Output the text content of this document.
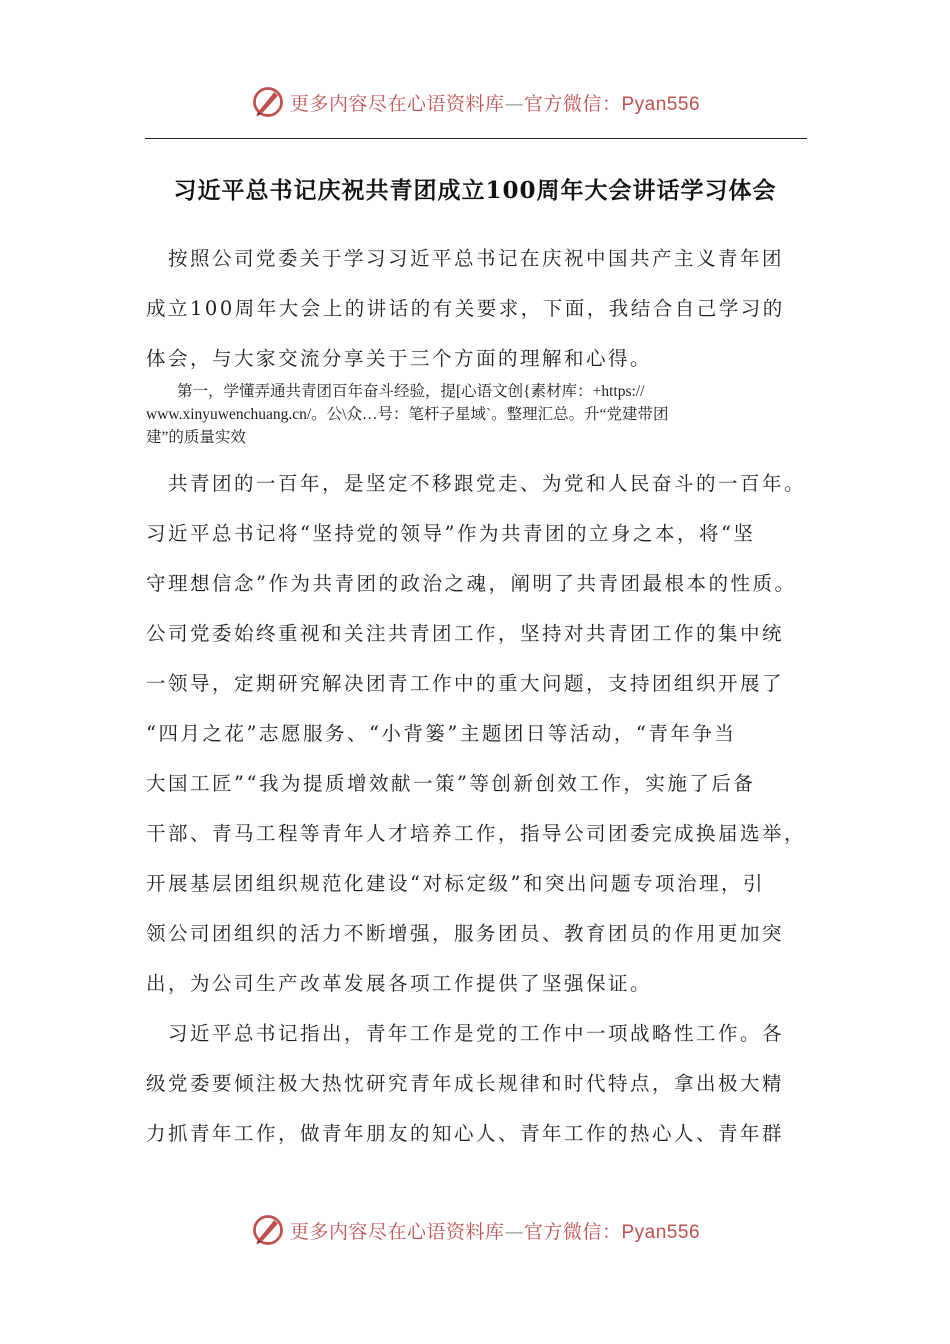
更多内容尽在心语资料库—官方微信：Pyan556
习近平总书记庆祝共青团成立100周年大会讲话学习体会
　按照公司党委关于学习习近平总书记在庆祝中国共产主义青年团
成立100周年大会上的讲话的有关要求，下面，我结合自己学习的
体会，与大家交流分享关于三个方面的理解和心得。
　　第一，学懂弄通共青团百年奋斗经验，提[心语文创{素材库：+https://
www.xinyuwenchuang.cn/。公\众…号：笔杆子星域`。整理汇总。升“党建带团
建”的质量实效
　共青团的一百年，是坚定不移跟党走、为党和人民奋斗的一百年。
习近平总书记将“坚持党的领导”作为共青团的立身之本，将“坚
守理想信念”作为共青团的政治之魂，阐明了共青团最根本的性质。
公司党委始终重视和关注共青团工作，坚持对共青团工作的集中统
一领导，定期研究解决团青工作中的重大问题，支持团组织开展了
“四月之花”志愿服务、“小背篓”主题团日等活动，“青年争当
大国工匠”“我为提质增效献一策”等创新创效工作，实施了后备
干部、青马工程等青年人才培养工作，指导公司团委完成换届选举，
开展基层团组织规范化建设“对标定级”和突出问题专项治理，引
领公司团组织的活力不断增强，服务团员、教育团员的作用更加突
出，为公司生产改革发展各项工作提供了坚强保证。
　习近平总书记指出，青年工作是党的工作中一项战略性工作。各
级党委要倾注极大热忱研究青年成长规律和时代特点，拿出极大精
力抓青年工作，做青年朋友的知心人、青年工作的热心人、青年群
更多内容尽在心语资料库—官方微信：Pyan556
